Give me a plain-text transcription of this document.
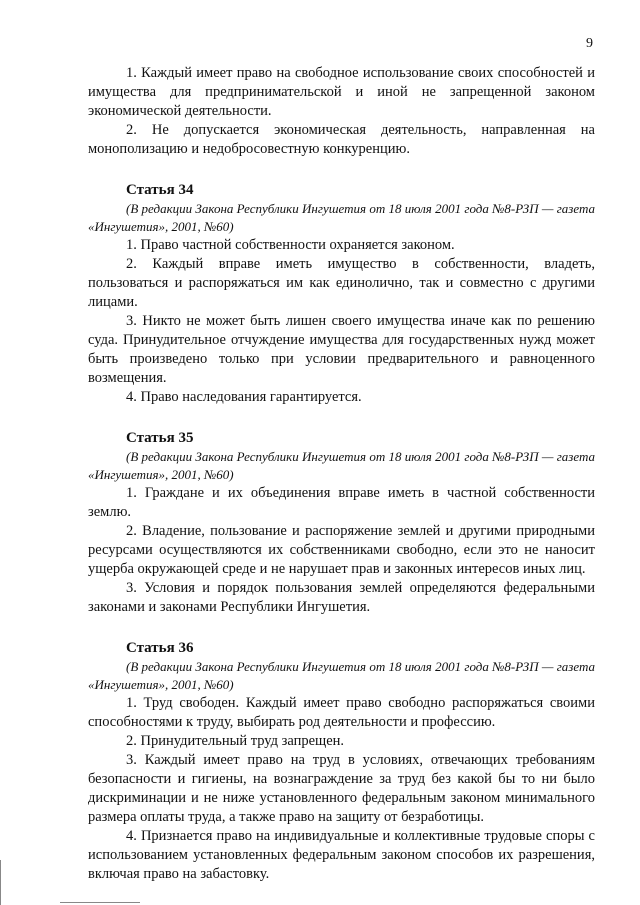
9

1. Каждый имеет право на свободное использование своих способностей и имущества для предпринимательской и иной не запрещенной законом экономической деятельности.

2. Не допускается экономическая деятельность, направленная на монополизацию и недобросовестную конкуренцию.

Статья 34
(В редакции Закона Республики Ингушетия от 18 июля 2001 года №8-РЗП — газета «Ингушетия», 2001, №60)

1. Право частной собственности охраняется законом.

2. Каждый вправе иметь имущество в собственности, владеть, пользоваться и распоряжаться им как единолично, так и совместно с другими лицами.

3. Никто не может быть лишен своего имущества иначе как по решению суда. Принудительное отчуждение имущества для государственных нужд может быть произведено только при условии предварительного и равноценного возмещения.

4. Право наследования гарантируется.

Статья 35
(В редакции Закона Республики Ингушетия от 18 июля 2001 года №8-РЗП — газета «Ингушетия», 2001, №60)

1. Граждане и их объединения вправе иметь в частной собственности землю.

2. Владение, пользование и распоряжение землей и другими природными ресурсами осуществляются их собственниками свободно, если это не наносит ущерба окружающей среде и не нарушает прав и законных интересов иных лиц.

3. Условия и порядок пользования землей определяются федеральными законами и законами Республики Ингушетия.

Статья 36
(В редакции Закона Республики Ингушетия от 18 июля 2001 года №8-РЗП — газета «Ингушетия», 2001, №60)

1. Труд свободен. Каждый имеет право свободно распоряжаться своими способностями к труду, выбирать род деятельности и профессию.

2. Принудительный труд запрещен.

3. Каждый имеет право на труд в условиях, отвечающих требованиям безопасности и гигиены, на вознаграждение за труд без какой бы то ни было дискриминации и не ниже установленного федеральным законом минимального размера оплаты труда, а также право на защиту от безработицы.

4. Признается право на индивидуальные и коллективные трудовые споры с использованием установленных федеральным законом способов их разрешения, включая право на забастовку.
